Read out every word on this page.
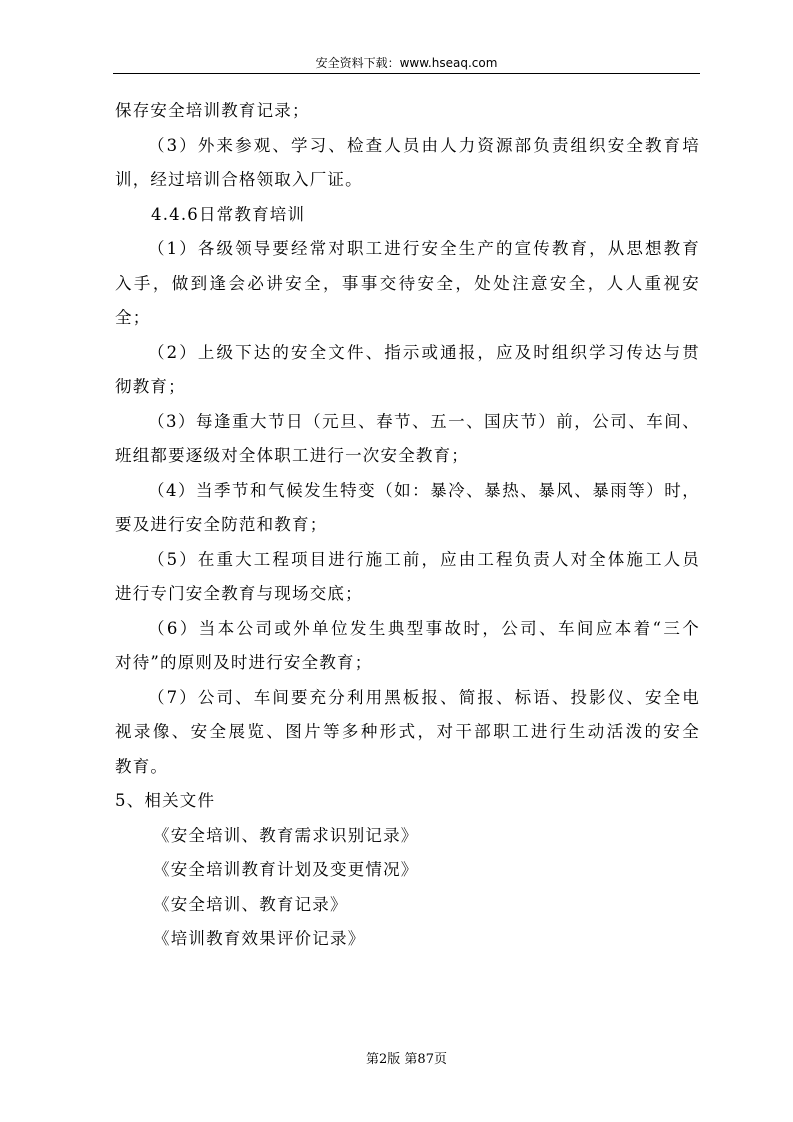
安全资料下载：www.hseaq.com
保存安全培训教育记录；
（3）外来参观、学习、检查人员由人力资源部负责组织安全教育培
训，经过培训合格领取入厂证。
4.4.6日常教育培训
（1）各级领导要经常对职工进行安全生产的宣传教育，从思想教育
入手，做到逢会必讲安全，事事交待安全，处处注意安全，人人重视安
全；
（2）上级下达的安全文件、指示或通报，应及时组织学习传达与贯
彻教育；
（3）每逢重大节日（元旦、春节、五一、国庆节）前，公司、车间、
班组都要逐级对全体职工进行一次安全教育；
（4）当季节和气候发生特变（如：暴冷、暴热、暴风、暴雨等）时，
要及进行安全防范和教育；
（5）在重大工程项目进行施工前，应由工程负责人对全体施工人员
进行专门安全教育与现场交底；
（6）当本公司或外单位发生典型事故时，公司、车间应本着“三个
对待”的原则及时进行安全教育；
（7）公司、车间要充分利用黑板报、简报、标语、投影仪、安全电
视录像、安全展览、图片等多种形式，对干部职工进行生动活泼的安全
教育。
5、相关文件
《安全培训、教育需求识别记录》
《安全培训教育计划及变更情况》
《安全培训、教育记录》
《培训教育效果评价记录》
第2版 第87页
